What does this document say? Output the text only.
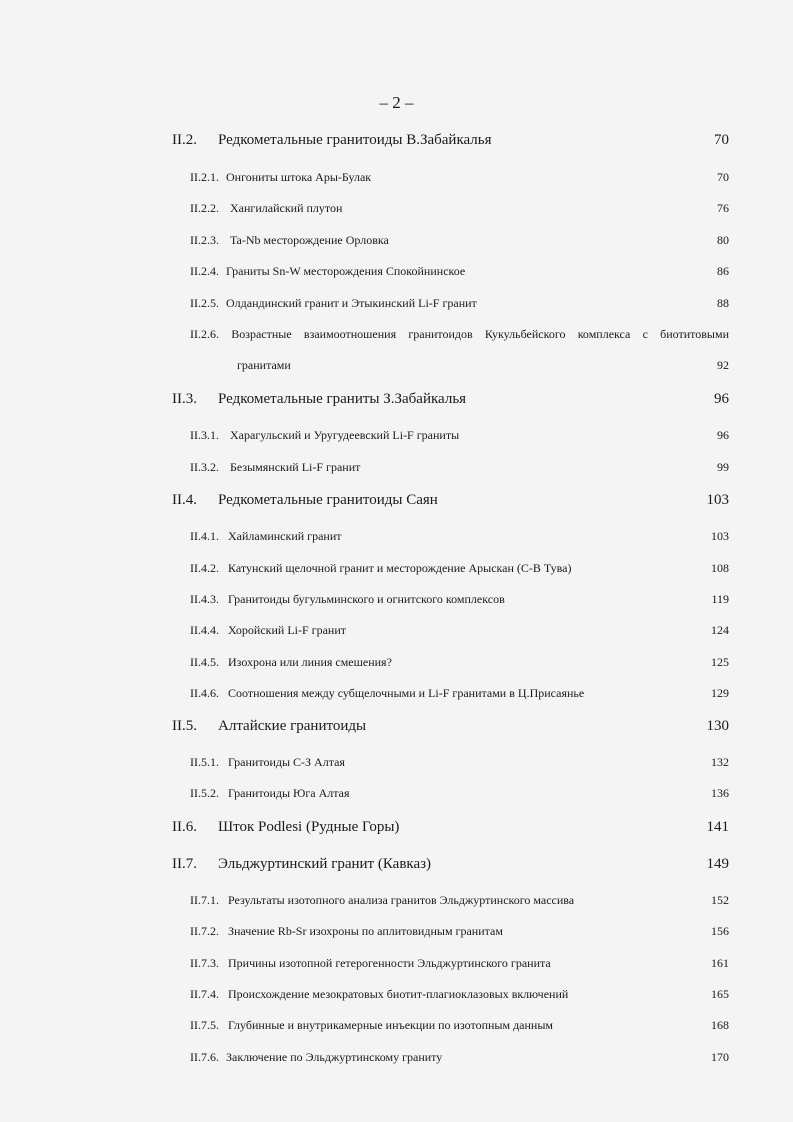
– 2 –
II.2. Редкометальные гранитоиды В.Забайкалья	70
II.2.1. Онгониты штока Ары-Булак	70
II.2.2. Хангилайский плутон	76
II.2.3. Ta-Nb месторождение Орловка	80
II.2.4. Граниты Sn-W месторождения Спокойнинское	86
II.2.5. Олдандинский гранит и Этыкинский Li-F гранит	88
II.2.6. Возрастные взаимоотношения гранитоидов Кукульбейского комплекса с биотитовыми
гранитами	92
II.3. Редкометальные граниты З.Забайкалья	96
II.3.1. Харагульский и Уругудеевский Li-F граниты	96
II.3.2. Безымянский Li-F гранит	99
II.4. Редкометальные гранитоиды Саян	103
II.4.1. Хайламинский гранит	103
II.4.2. Катунский щелочной гранит и месторождение Арыскан (С-В Тува)	108
II.4.3. Гранитоиды бугульминского и огнитского комплексов	119
II.4.4. Хоройский Li-F гранит	124
II.4.5. Изохрона или линия смешения?	125
II.4.6. Соотношения между субщелочными и Li-F гранитами в Ц.Присаянье	129
II.5. Алтайские гранитоиды	130
II.5.1. Гранитоиды С-З Алтая	132
II.5.2. Гранитоиды Юга Алтая	136
II.6. Шток Podlesi (Рудные Горы)	141
II.7. Эльджуртинский гранит (Кавказ)	149
II.7.1. Результаты изотопного анализа гранитов Эльджуртинского массива	152
II.7.2. Значение Rb-Sr изохроны по аплитовидным гранитам	156
II.7.3. Причины изотопной гетерогенности Эльджуртинского гранита	161
II.7.4. Происхождение мезократовых биотит-плагиоклазовых включений	165
II.7.5. Глубинные и внутрикамерные инъекции по изотопным данным	168
II.7.6. Заключение по Эльджуртинскому граниту	170
